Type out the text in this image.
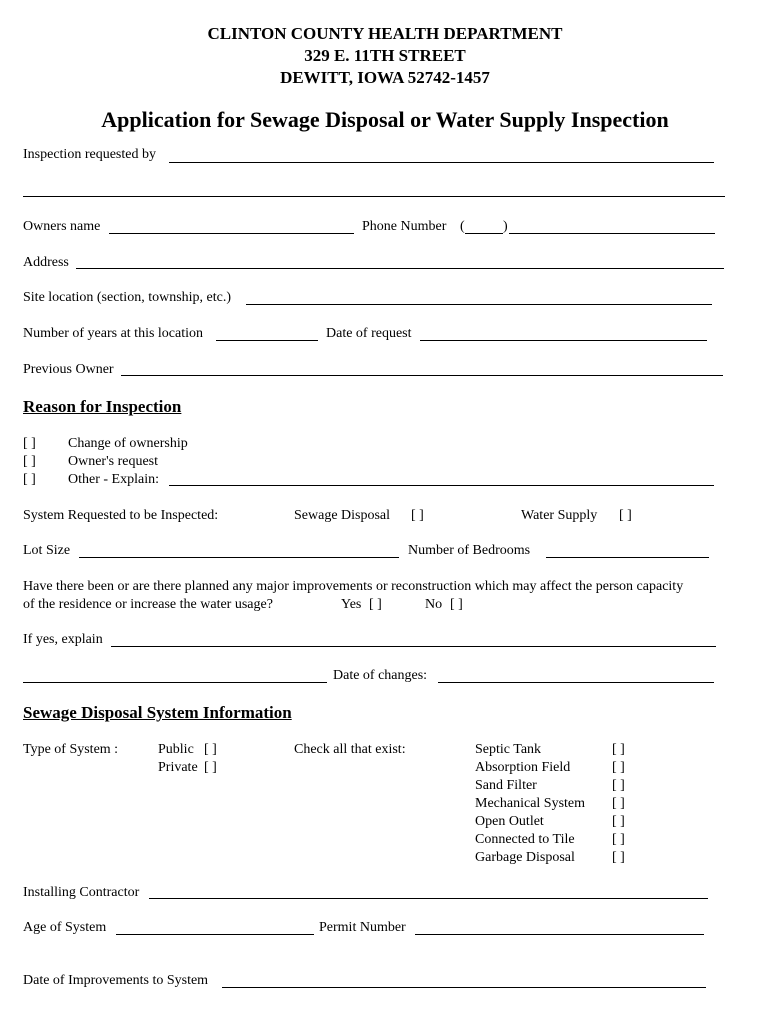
CLINTON COUNTY HEALTH DEPARTMENT
329 E. 11TH STREET
DEWITT, IOWA 52742-1457
Application for Sewage Disposal or Water Supply Inspection
Inspection requested by
Owners name	Phone Number (	)
Address
Site location (section, township, etc.)
Number of years at this location	Date of request
Previous Owner
Reason for Inspection
[ ] Change of ownership
[ ] Owner's request
[ ] Other - Explain:
System Requested to be Inspected:	Sewage Disposal [ ]	Water Supply [ ]
Lot Size	Number of Bedrooms
Have there been or are there planned any major improvements or reconstruction which may affect the person capacity
of the residence or increase the water usage?	Yes [ ]	No [ ]
If yes, explain
Date of changes:
Sewage Disposal System Information
Type of System :	Public [ ]
Private [ ]
Check all that exist:	Septic Tank	[ ]
Absorption Field	[ ]
Sand Filter	[ ]
Mechanical System [ ]
Open Outlet	[ ]
Connected to Tile	[ ]
Garbage Disposal	[ ]
Installing Contractor
Age of System	Permit Number
Date of Improvements to System
